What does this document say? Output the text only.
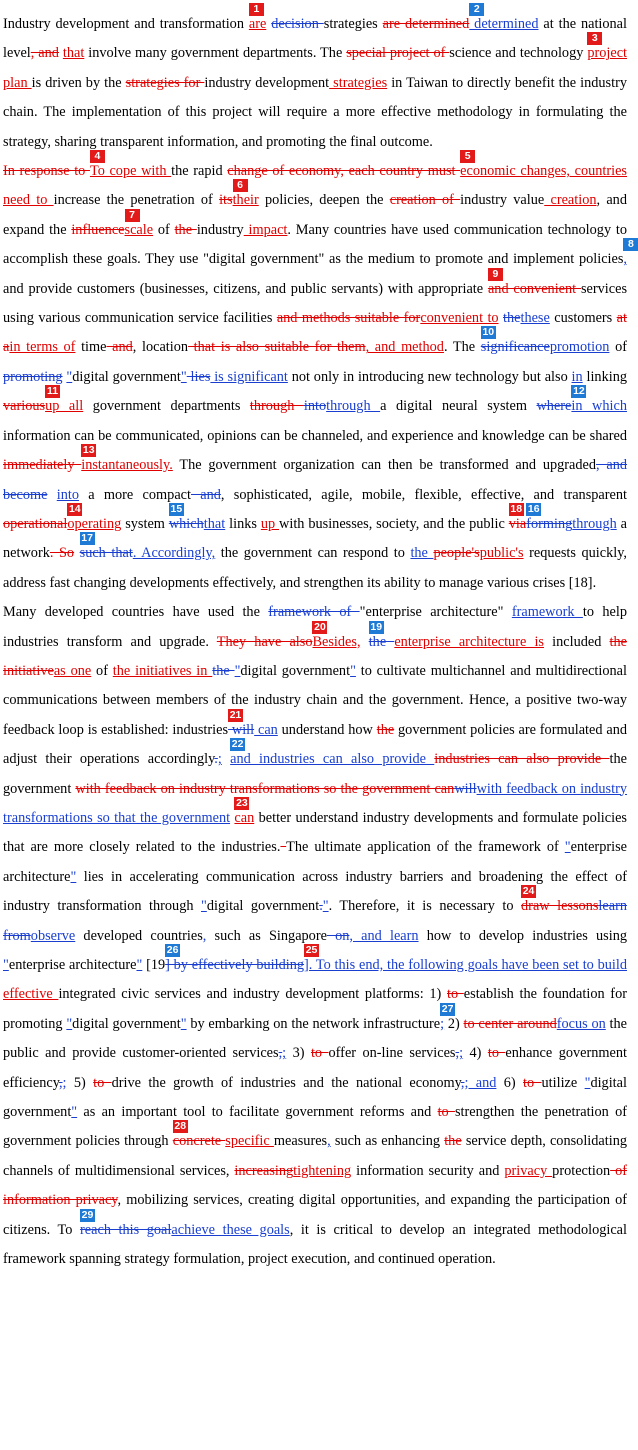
Industry development and transformation
1
are decision strategies are determined
2
determined at the national level, and that involve many government departments. The special project of science and technology
3
project plan is driven by the strategies for industry development strategies in Taiwan to directly benefit the industry chain. The implementation of this project will require a more effective methodology in formulating the strategy, sharing transparent information, and promoting the final outcome.

In response to
4
To cope with the rapid change of economy, each country must
5
economic changes, countries need to increase the penetration of its
6
their policies, deepen the creation of industry value creation, and expand the influence
7
scale of the industry impact. Many countries have used communication technology to accomplish these goals. They use "digital government" as the medium to promote and implement policies
8
, and provide customers (businesses, citizens, and public servants) with appropriate
9
and convenient services using various communication service facilities and methods suitable forconvenient to thethese customers at ain terms of time and, location that is also suitable for them, and method. The
10
significancepromotion of promoting "digital government" lies is significant not only in introducing new technology but also in linking various
11
up all government departments through intothrough a digital neural system where
12
in which information can be communicated, opinions can be channeled, and experience and knowledge can be shared immediately
13
instantaneously. The government organization can then be transformed and upgraded, and become into a more compact and, sophisticated, agile, mobile, flexible, effective, and transparent operational
14
operating system
15
whichthat links up with businesses, society, and the public
18
via
16
formingthrough a network. So
17
such that. Accordingly, the government can respond to the people'spublic's requests quickly, address fast changing developments effectively, and strengthen its ability to manage various crises [18].

Many developed countries have used the framework of "enterprise architecture" framework to help industries transform and upgrade. They have also
20
Besides,
19
the enterprise architecture is included the initiativeas one of the initiatives in the "digital government" to cultivate multichannel and multidirectional communications between members of the industry chain and the government. Hence, a positive two-way feedback loop is established: industries
21
will can understand how the government policies are formulated and adjust their operations accordingly.;
22
and industries can also provide industries can also provide the government with feedback on industry transformations so the government canwillwith feedback on industry transformations so that the government
23
can better understand industry developments and formulate policies that are more closely related to the industries. The ultimate application of the framework of "enterprise architecture" lies in accelerating communication across industry barriers and broadening the effect of industry transformation through "digital government.". Therefore, it is necessary to
24
draw lessonslearn fromobserve developed countries, such as Singapore on, and learn how to develop industries using "enterprise architecture" [19
26
] by effectively building
25
]. To this end, the following goals have been set to build effective integrated civic services and industry development platforms: 1) to establish the foundation for promoting "digital government" by embarking on the network infrastructure
27
; 2) to center aroundfocus on the public and provide customer-oriented services,; 3) to offer on-line services,; 4) to enhance government efficiency,; 5) to drive the growth of industries and the national economy,; and 6) to utilize "digital government" as an important tool to facilitate government reforms and to strengthen the penetration of government policies through
28
concrete specific measures, such as enhancing the service depth, consolidating channels of multidimensional services, increasingtightening information security and privacy protection of information privacy, mobilizing services, creating digital opportunities, and expanding the participation of citizens. To
29
reach this goalachieve these goals, it is critical to develop an integrated methodological framework spanning strategy formulation, project execution, and continued operation.
